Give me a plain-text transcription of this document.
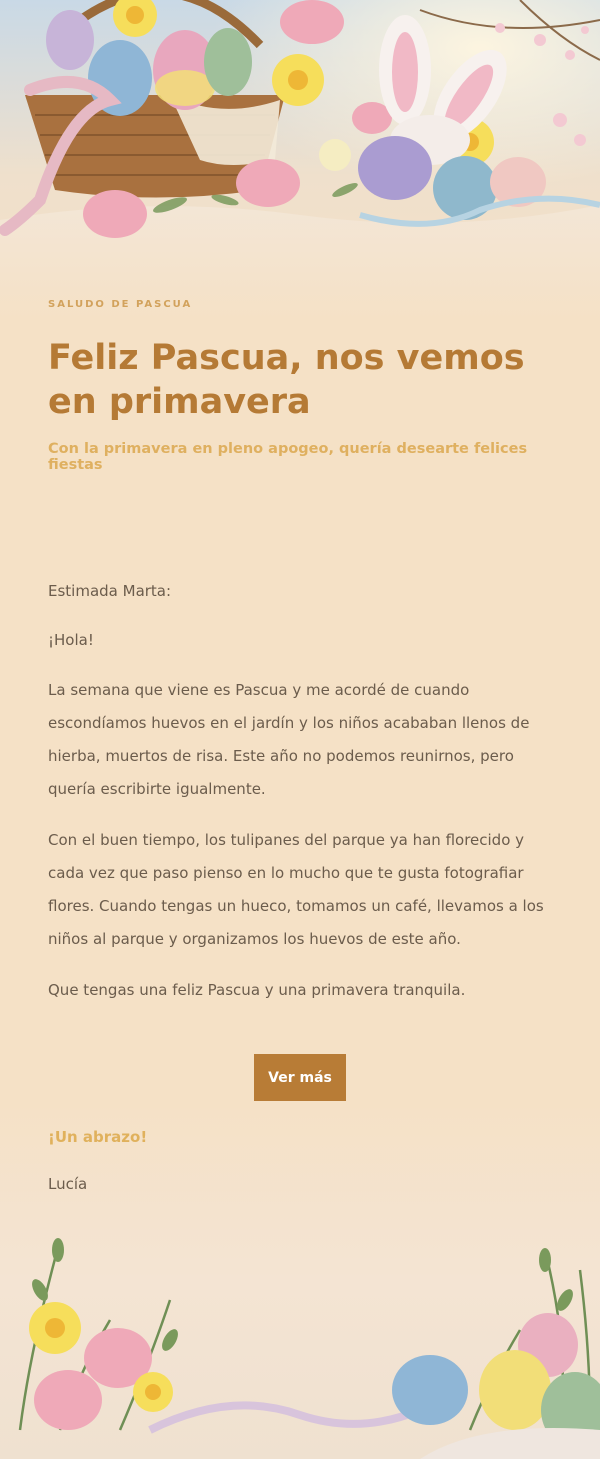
SALUDO DE PASCUA
Feliz Pascua, nos vemos en primavera
Con la primavera en pleno apogeo, quería desearte felices fiestas

Estimada Marta:

¡Hola!

La semana que viene es Pascua y me acordé de cuando escondíamos huevos en el jardín y los niños acababan llenos de hierba, muertos de risa. Este año no podemos reunirnos, pero quería escribirte igualmente.

Con el buen tiempo, los tulipanes del parque ya han florecido y cada vez que paso pienso en lo mucho que te gusta fotografiar flores. Cuando tengas un hueco, tomamos un café, llevamos a los niños al parque y organizamos los huevos de este año.

Que tengas una feliz Pascua y una primavera tranquila.

Ver más
¡Un abrazo!
Lucía
